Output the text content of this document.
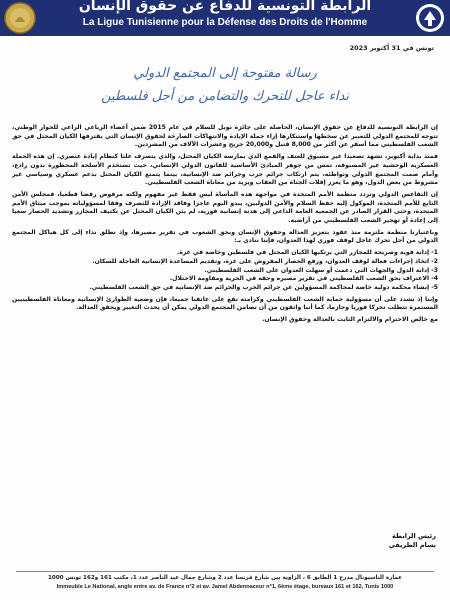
الرابطة التونسية للدفاع عن حقوق الإنسان
La Ligue Tunisienne pour la Défense des Droits de l'Homme
تونس في 31 أكتوبر 2023
رسالة مفتوحة إلى المجتمع الدولي
نداء عاجل للتحرك والتضامن من أجل فلسطين

إن الرابطة التونسية للدفاع عن حقوق الإنسان، الحاصلة على جائزة نوبل للسلام في عام 2015 ضمن أعضاء الرباعي الراعي للحوار الوطني، تتوجه للمجتمع الدولي للتعبير عن سخطها واستنكارها إزاء حملة الإبادة والانتهاكات الصارخة لحقوق الإنسان التي يقترفها الكيان المحتل في حق الشعب الفلسطيني مما أسفر عن أكثر من 8,000 قتيل و20,000 جريح وعشرات الآلاف من المشردين.

فمنذ بداية أكتوبر، تشهد تصعيدا غير مسبوق للعنف والقمع الذي يمارسه الكيان المحتل، والذي يتصرف علنا كنظام إبادة عنصري. إن هذه الحملة العسكرية الوحشية غير المسبوقة، تمس من جوهر المبادئ الأساسية للقانون الدولي الإنساني، حيث تستخدم الأسلحة المحظورة بدون رادع، وأمام صمت المجتمع الدولي وتواطئه، يتم ارتكاب جرائم حرب وجرائم ضد الإنسانية، بينما يتمتع الكيان المحتل بدعم عسكري وسياسي غير مشروط من بعض الدول، وهو ما يعزز إفلات الجناة من العقاب ويزيد من معاناة الشعب الفلسطيني.

إن التقاعس الدولي وتردد منظمة الأمم المتحدة في مواجهة هذه المأساة ليس فقط غير مفهوم ولكنه مرفوض رفضا قطعيا، فمجلس الأمن التابع للأمم المتحدة، الموكول إليه حفظ السلام والأمن الدوليين، يبدو اليوم عاجزا وفاقد الإرادة للتصرف وفقا لمسؤولياته بموجب ميثاق الأمم المتحدة، وحتى القرار الصادر عن الجمعية العامة الداعي إلى هدنة إنسانية فورية، لم يثن الكيان المحتل عن تكثيف المجازر وتشديد الحصار سعيا إلى إعادة أو تهجير الشعب الفلسطيني من أراضيه.

وباعتبارنا منظمة ملتزمة منذ عقود بتعزيز العدالة وحقوق الإنسان وبحق الشعوب في تقرير مصيرها، وإذ نطلق نداء إلى كل هياكل المجتمع الدولي من أجل تحرك عاجل لوقف فوري لهذا العدوان، فإننا ننادي بـ:

1- إدانة قوية وصريحة للمجازر التي يرتكبها الكيان المحتل في فلسطين وخاصة في غزة.
2- اتخاذ إجراءات فعالة لوقف العدوان، ورفع الحصار المفروض على غزة، وتقديم المساعدة الإنسانية العاجلة للسكان.
3- إدانة الدول والجهات التي دعمت أو سهلت العدوان على الشعب الفلسطيني.
4- الاعتراف بحق الشعب الفلسطيني في تقرير مصيره وحقه في الحرية ومقاومة الاحتلال.
5- إنشاء محكمة دولية خاصة لمحاكمة المسؤولين عن جرائم الحرب والجرائم ضد الإنسانية في حق الشعب الفلسطيني.

وإننا إذ نشدد على أن مسؤولية حماية الشعب الفلسطيني وكرامته تقع على عاتقنا جميعا، فإن وضعية الطوارئ الإنسانية ومعاناة الفلسطينيين المستمرة تتطلب تحركا فوريا وحازما، كما أننا واثقون من أن تضامن المجتمع الدولي يمكن أن يحدث التغيير ويحقق العدالة.

مع خالص الاحترام والالتزام الثابت بالعدالة وحقوق الإنسان.

رئيس الرابطة
بسام الطريفي
عمارة الناسيونال مدرج 1 الطابق 6 ، الزاوية بين شارع فرنسا عدد 2 وشارع جمال عبد الناصر عدد 1، مكتب 161 و162 تونس 1000
Immeuble Le National, angle entre av. de France n°2 et av. Jamel Abdennaceur n°1, 6ème étage, bureaux 161 et 162, Tunis 1000
